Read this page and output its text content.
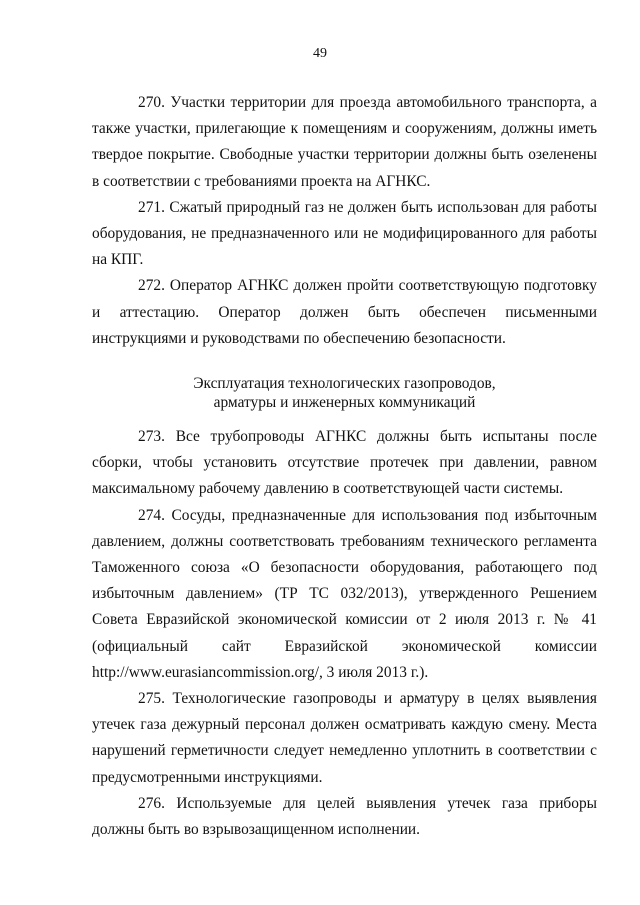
49

270. Участки территории для проезда автомобильного транспорта, а также участки, прилегающие к помещениям и сооружениям, должны иметь твердое покрытие. Свободные участки территории должны быть озеленены в соответствии с требованиями проекта на АГНКС.

271. Сжатый природный газ не должен быть использован для работы оборудования, не предназначенного или не модифицированного для работы на КПГ.

272. Оператор АГНКС должен пройти соответствующую подготовку и аттестацию. Оператор должен быть обеспечен письменными инструкциями и руководствами по обеспечению безопасности.

Эксплуатация технологических газопроводов,
арматуры и инженерных коммуникаций

273. Все трубопроводы АГНКС должны быть испытаны после сборки, чтобы установить отсутствие протечек при давлении, равном максимальному рабочему давлению в соответствующей части системы.

274. Сосуды, предназначенные для использования под избыточным давлением, должны соответствовать требованиям технического регламента Таможенного союза «О безопасности оборудования, работающего под избыточным давлением» (ТР ТС 032/2013), утвержденного Решением Совета Евразийской экономической комиссии от 2 июля 2013 г. № 41 (официальный сайт Евразийской экономической комиссии

http://www.eurasiancommission.org/, 3 июля 2013 г.).

275. Технологические газопроводы и арматуру в целях выявления утечек газа дежурный персонал должен осматривать каждую смену. Места нарушений герметичности следует немедленно уплотнить в соответствии с предусмотренными инструкциями.

276. Используемые для целей выявления утечек газа приборы должны быть во взрывозащищенном исполнении.
